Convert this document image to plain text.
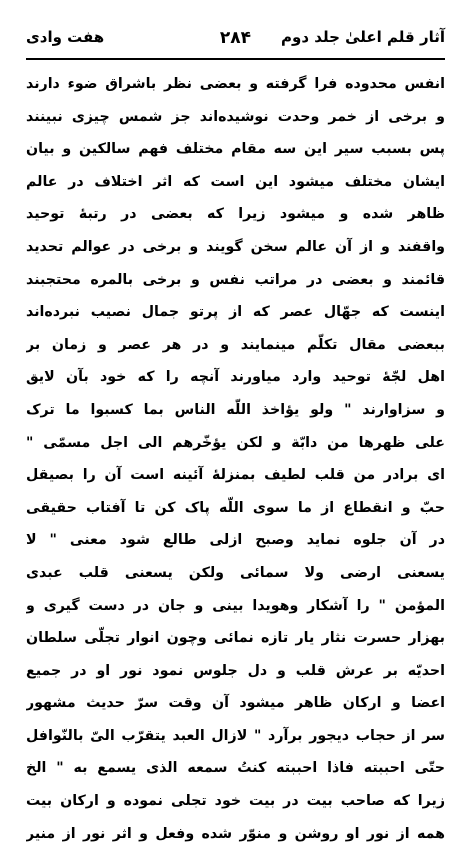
آثار قلم اعلیٰ جلد دوم
۲۸۴
هفت وادی
انفس محدوده فرا گرفته و بعضی نظر باشراق ضوء دارند
و برخی از خمر وحدت نوشیده‌اند جز شمس چیزی نبینند
پس بسبب سیر این سه مقام مختلف فهم سالکین و بیان
ایشان مختلف میشود این است که اثر اختلاف در عالم
ظاهر شده و میشود زیرا که بعضی در رتبهٔ توحید
واقفند و از آن عالم سخن گویند و برخی در عوالم تحدید
قائمند و بعضی در مراتب نفس و برخی بالمره محتجبند
اینست که جهّال عصر که از پرتو جمال نصیب نبرده‌اند
ببعضی مقال تکلّم مینمایند و در هر عصر و زمان بر
اهل لجّهٔ توحید وارد میاورند آنچه را که خود بآن لایق
و سزاوارند " ولو یؤاخذ اللّه الناس بما کسبوا ما ترک
علی ظهرها من دابّة و لکن یؤخّرهم الی اجل مسمّی "
ای برادر من قلب لطیف بمنزلهٔ آئینه است آن را بصیقل
حبّ و انقطاع از ما سوی اللّه پاک کن تا آفتاب حقیقی
در آن جلوه نماید وصبح ازلی طالع شود معنی " لا
یسعنی ارضی ولا سمائی ولکن یسعنی قلب عبدی
المؤمن " را آشکار وهویدا بینی و جان در دست گیری و
بهزار حسرت نثار یار تازه نمائی وچون انوار تجلّی سلطان
احدیّه بر عرش قلب و دل جلوس نمود نور او در جمیع
اعضا و ارکان ظاهر میشود آن وقت سرّ حدیث مشهور
سر از حجاب دیجور برآرد " لازال العبد یتقرّب الیّ بالنّوافل
حتّی احببته فاذا احببته کنتُ سمعه الذی یسمع به " الخ
زیرا که صاحب بیت در بیت خود تجلی نموده و ارکان بیت
همه از نور او روشن و منوّر شده وفعل و اثر نور از منیر
